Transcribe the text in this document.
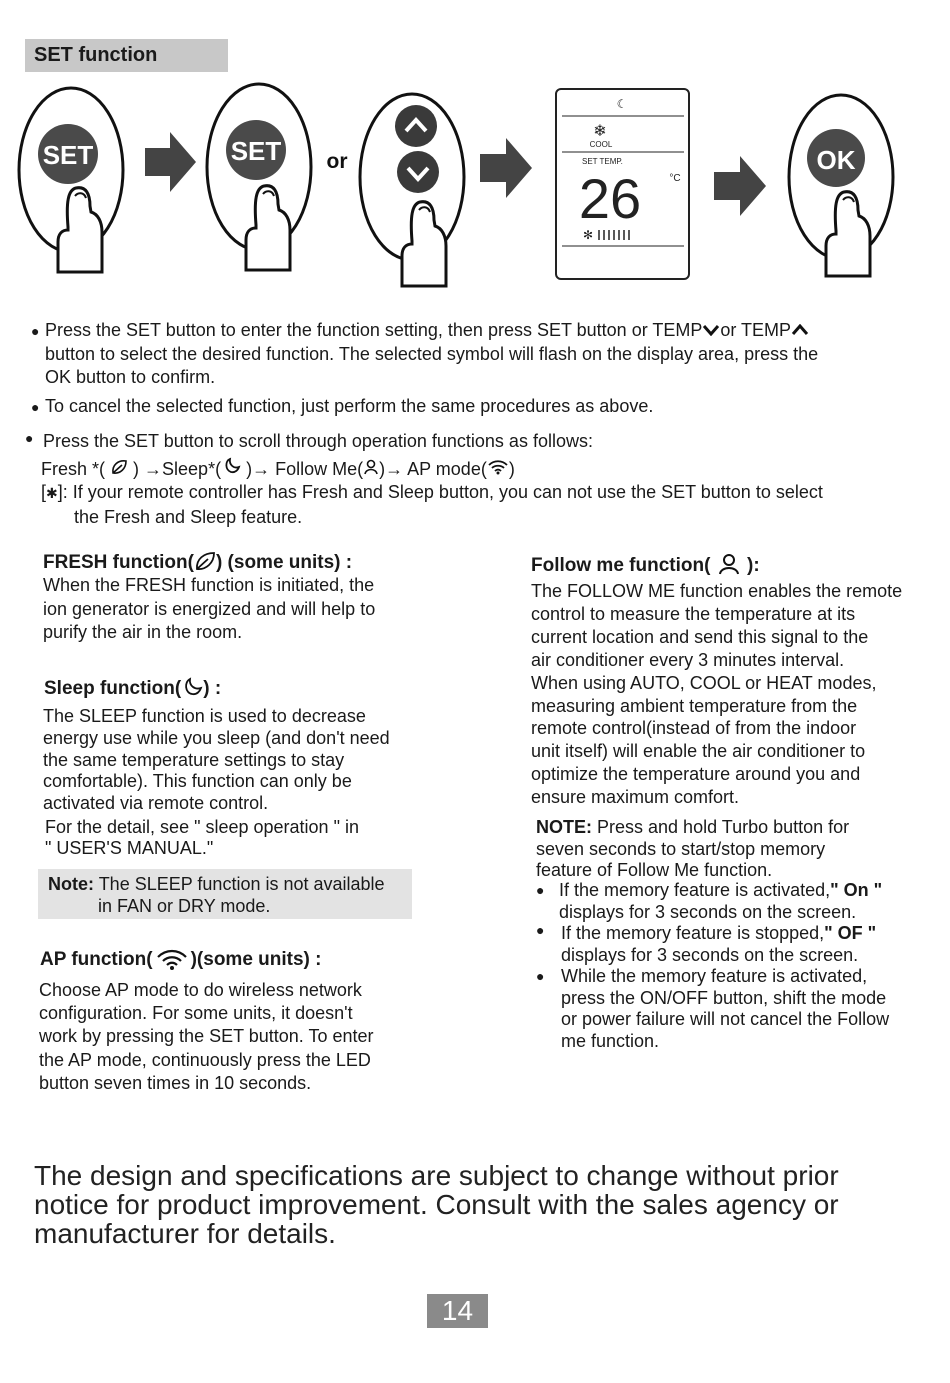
SET function
SET	SET or
☾
❄
COOL
SET TEMP.
26	°C
✻
OK
● Press the SET button to enter the function setting, then press SET button or TEMP or TEMP
button to select the desired function. The selected symbol will flash on the display area, press the
OK button to confirm.
● To cancel the selected function, just perform the same procedures as above.
● Press the SET button to scroll through operation functions as follows:
Fresh *(  ) →Sleep*( )→ Follow Me( )→ AP mode( )
[✱]: If your remote controller has Fresh and Sleep button, you can not use the SET button to select
the Fresh and Sleep feature.
FRESH function( ) (some units) :
When the FRESH function is initiated, the
ion generator is energized and will help to
purify the air in the room.
Sleep function( ) :
The SLEEP function is used to decrease
energy use while you sleep (and don't need
the same temperature settings to stay
comfortable). This function can only be
activated via remote control.
For the detail, see " sleep operation " in
" USER'S MANUAL."
Note: The SLEEP function is not available
in FAN or DRY mode.
AP function( )(some units) :
Choose AP mode to do wireless network
configuration. For some units, it doesn't
work by pressing the SET button. To enter
the AP mode, continuously press the LED
button seven times in 10 seconds.
Follow me function( ):
The FOLLOW ME function enables the remote
control to measure the temperature at its
current location and send this signal to the
air conditioner every 3 minutes interval.
When using AUTO, COOL or HEAT modes,
measuring ambient temperature from the
remote control(instead of from the indoor
unit itself) will enable the air conditioner to
optimize the temperature around you and
ensure maximum comfort.
NOTE: Press and hold Turbo button for
seven seconds to start/stop memory
feature of Follow Me function.
● If the memory feature is activated," On "
displays for 3 seconds on the screen.
● If the memory feature is stopped," OF "
displays for 3 seconds on the screen.
● While the memory feature is activated,
press the ON/OFF button, shift the mode
or power failure will not cancel the Follow
me function.
The design and specifications are subject to change without prior
notice for product improvement. Consult with the sales agency or
manufacturer for details.
14
